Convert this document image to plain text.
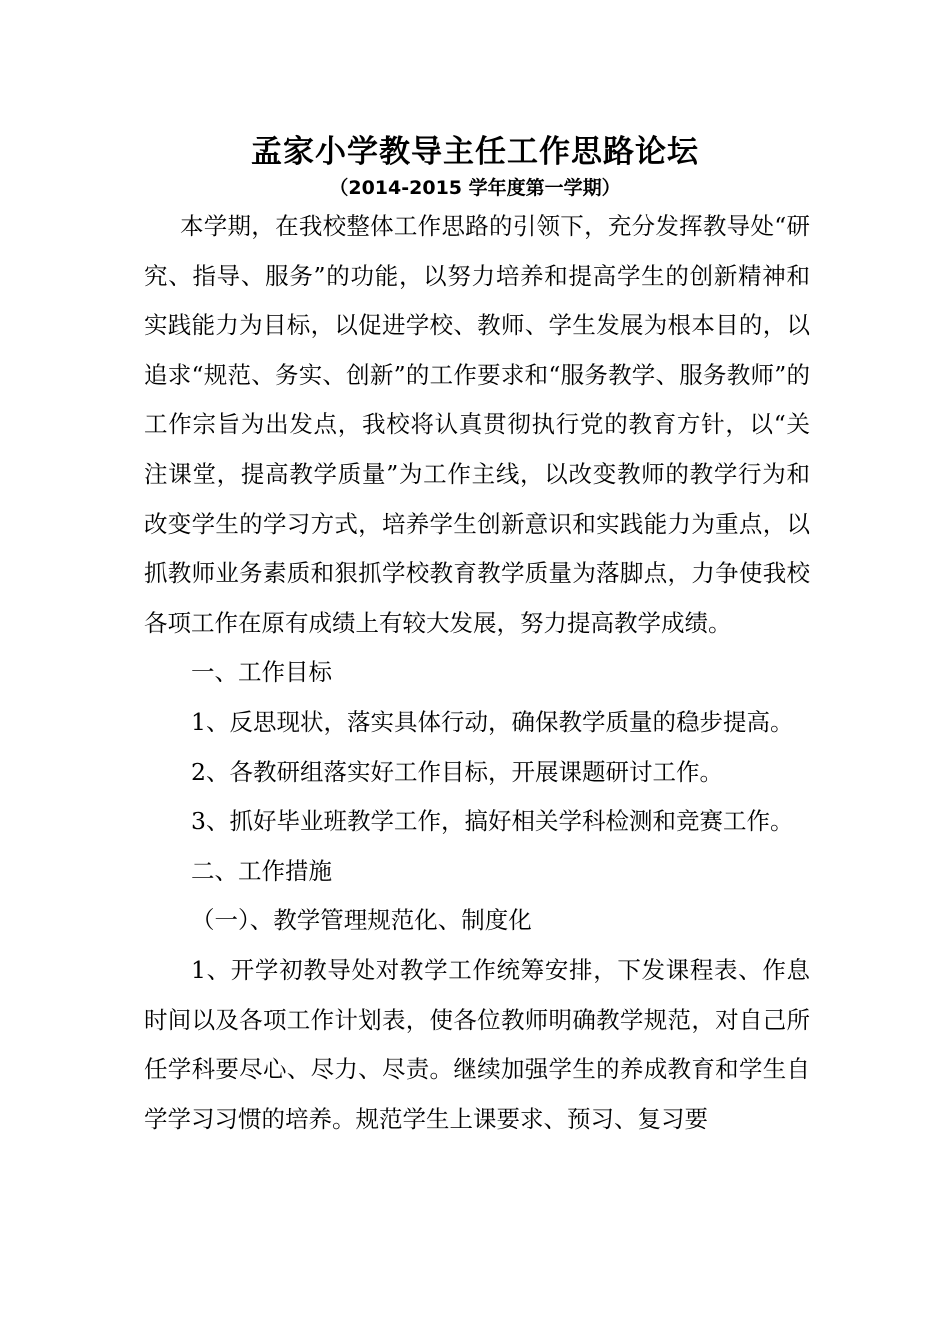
孟家小学教导主任工作思路论坛
（2014-2015 学年度第一学期）

本学期，在我校整体工作思路的引领下，充分发挥教导处“研究、指导、服务”的功能，以努力培养和提高学生的创新精神和实践能力为目标，以促进学校、教师、学生发展为根本目的，以追求“规范、务实、创新”的工作要求和“服务教学、服务教师”的工作宗旨为出发点，我校将认真贯彻执行党的教育方针，以“关注课堂，提高教学质量”为工作主线，以改变教师的教学行为和改变学生的学习方式，培养学生创新意识和实践能力为重点，以抓教师业务素质和狠抓学校教育教学质量为落脚点，力争使我校各项工作在原有成绩上有较大发展，努力提高教学成绩。

一、工作目标

1、反思现状，落实具体行动，确保教学质量的稳步提高。

2、各教研组落实好工作目标，开展课题研讨工作。

3、抓好毕业班教学工作，搞好相关学科检测和竞赛工作。

二、工作措施

（一）、教学管理规范化、制度化

1、开学初教导处对教学工作统筹安排，下发课程表、作息时间以及各项工作计划表，使各位教师明确教学规范，对自己所任学科要尽心、尽力、尽责。继续加强学生的养成教育和学生自学学习习惯的培养。规范学生上课要求、预习、复习要
